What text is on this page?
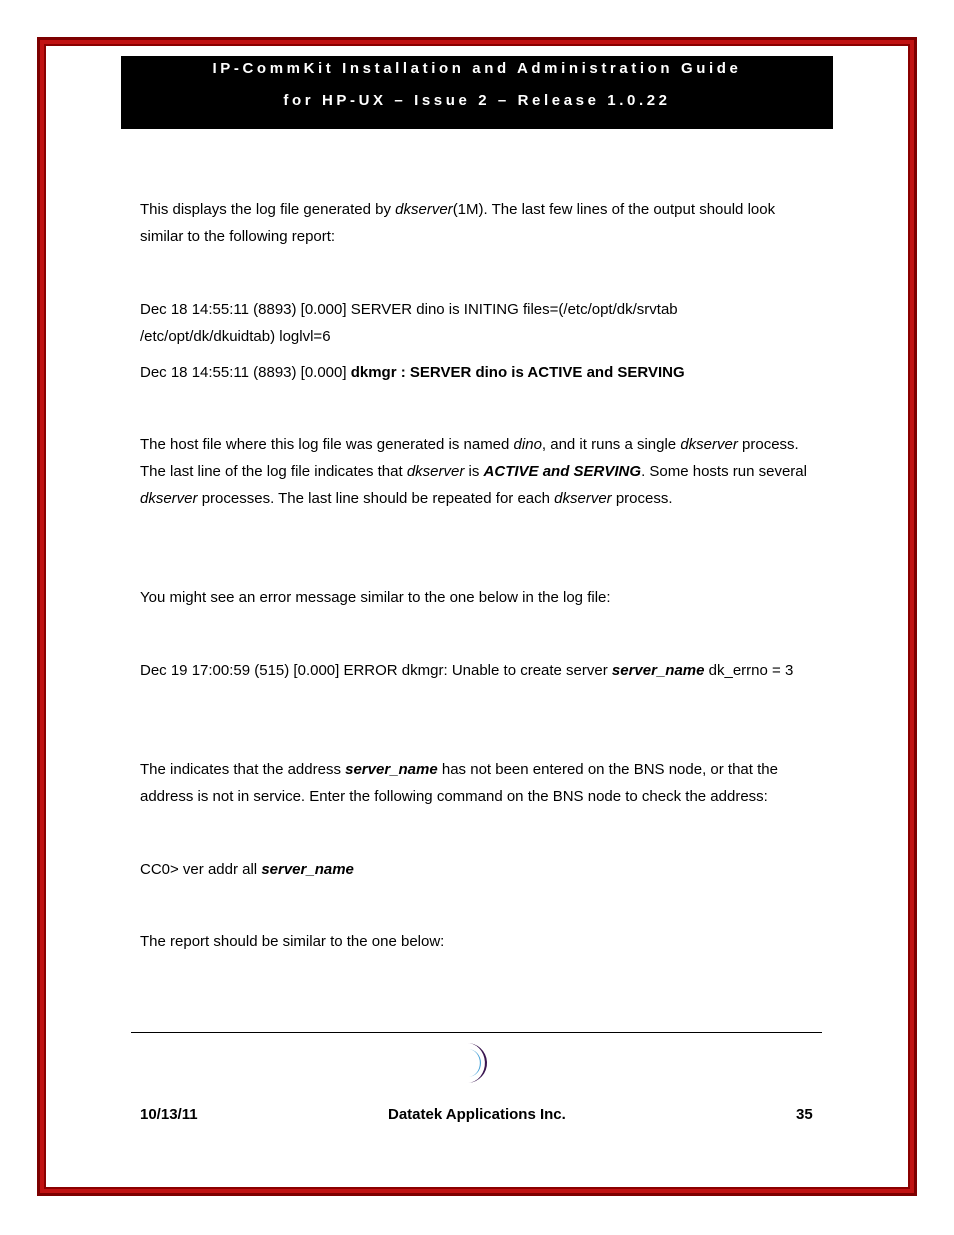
IP-CommKit Installation and Administration Guide
for HP-UX – Issue 2 – Release 1.0.22
This displays the log file generated by dkserver(1M). The last few lines of the output should look similar to the following report:
Dec 18 14:55:11 (8893) [0.000] SERVER dino is INITING files=(/etc/opt/dk/srvtab /etc/opt/dk/dkuidtab) loglvl=6
Dec 18 14:55:11 (8893) [0.000] dkmgr : SERVER dino is ACTIVE and SERVING
The host file where this log file was generated is named dino, and it runs a single dkserver process. The last line of the log file indicates that dkserver is ACTIVE and SERVING. Some hosts run several dkserver processes. The last line should be repeated for each dkserver process.
You might see an error message similar to the one below in the log file:
Dec 19 17:00:59 (515) [0.000] ERROR dkmgr: Unable to create server server_name dk_errno = 3
The indicates that the address server_name has not been entered on the BNS node, or that the address is not in service. Enter the following command on the BNS node to check the address:
CC0> ver addr all server_name
The report should be similar to the one below:
10/13/11	Datatek Applications Inc.	35
